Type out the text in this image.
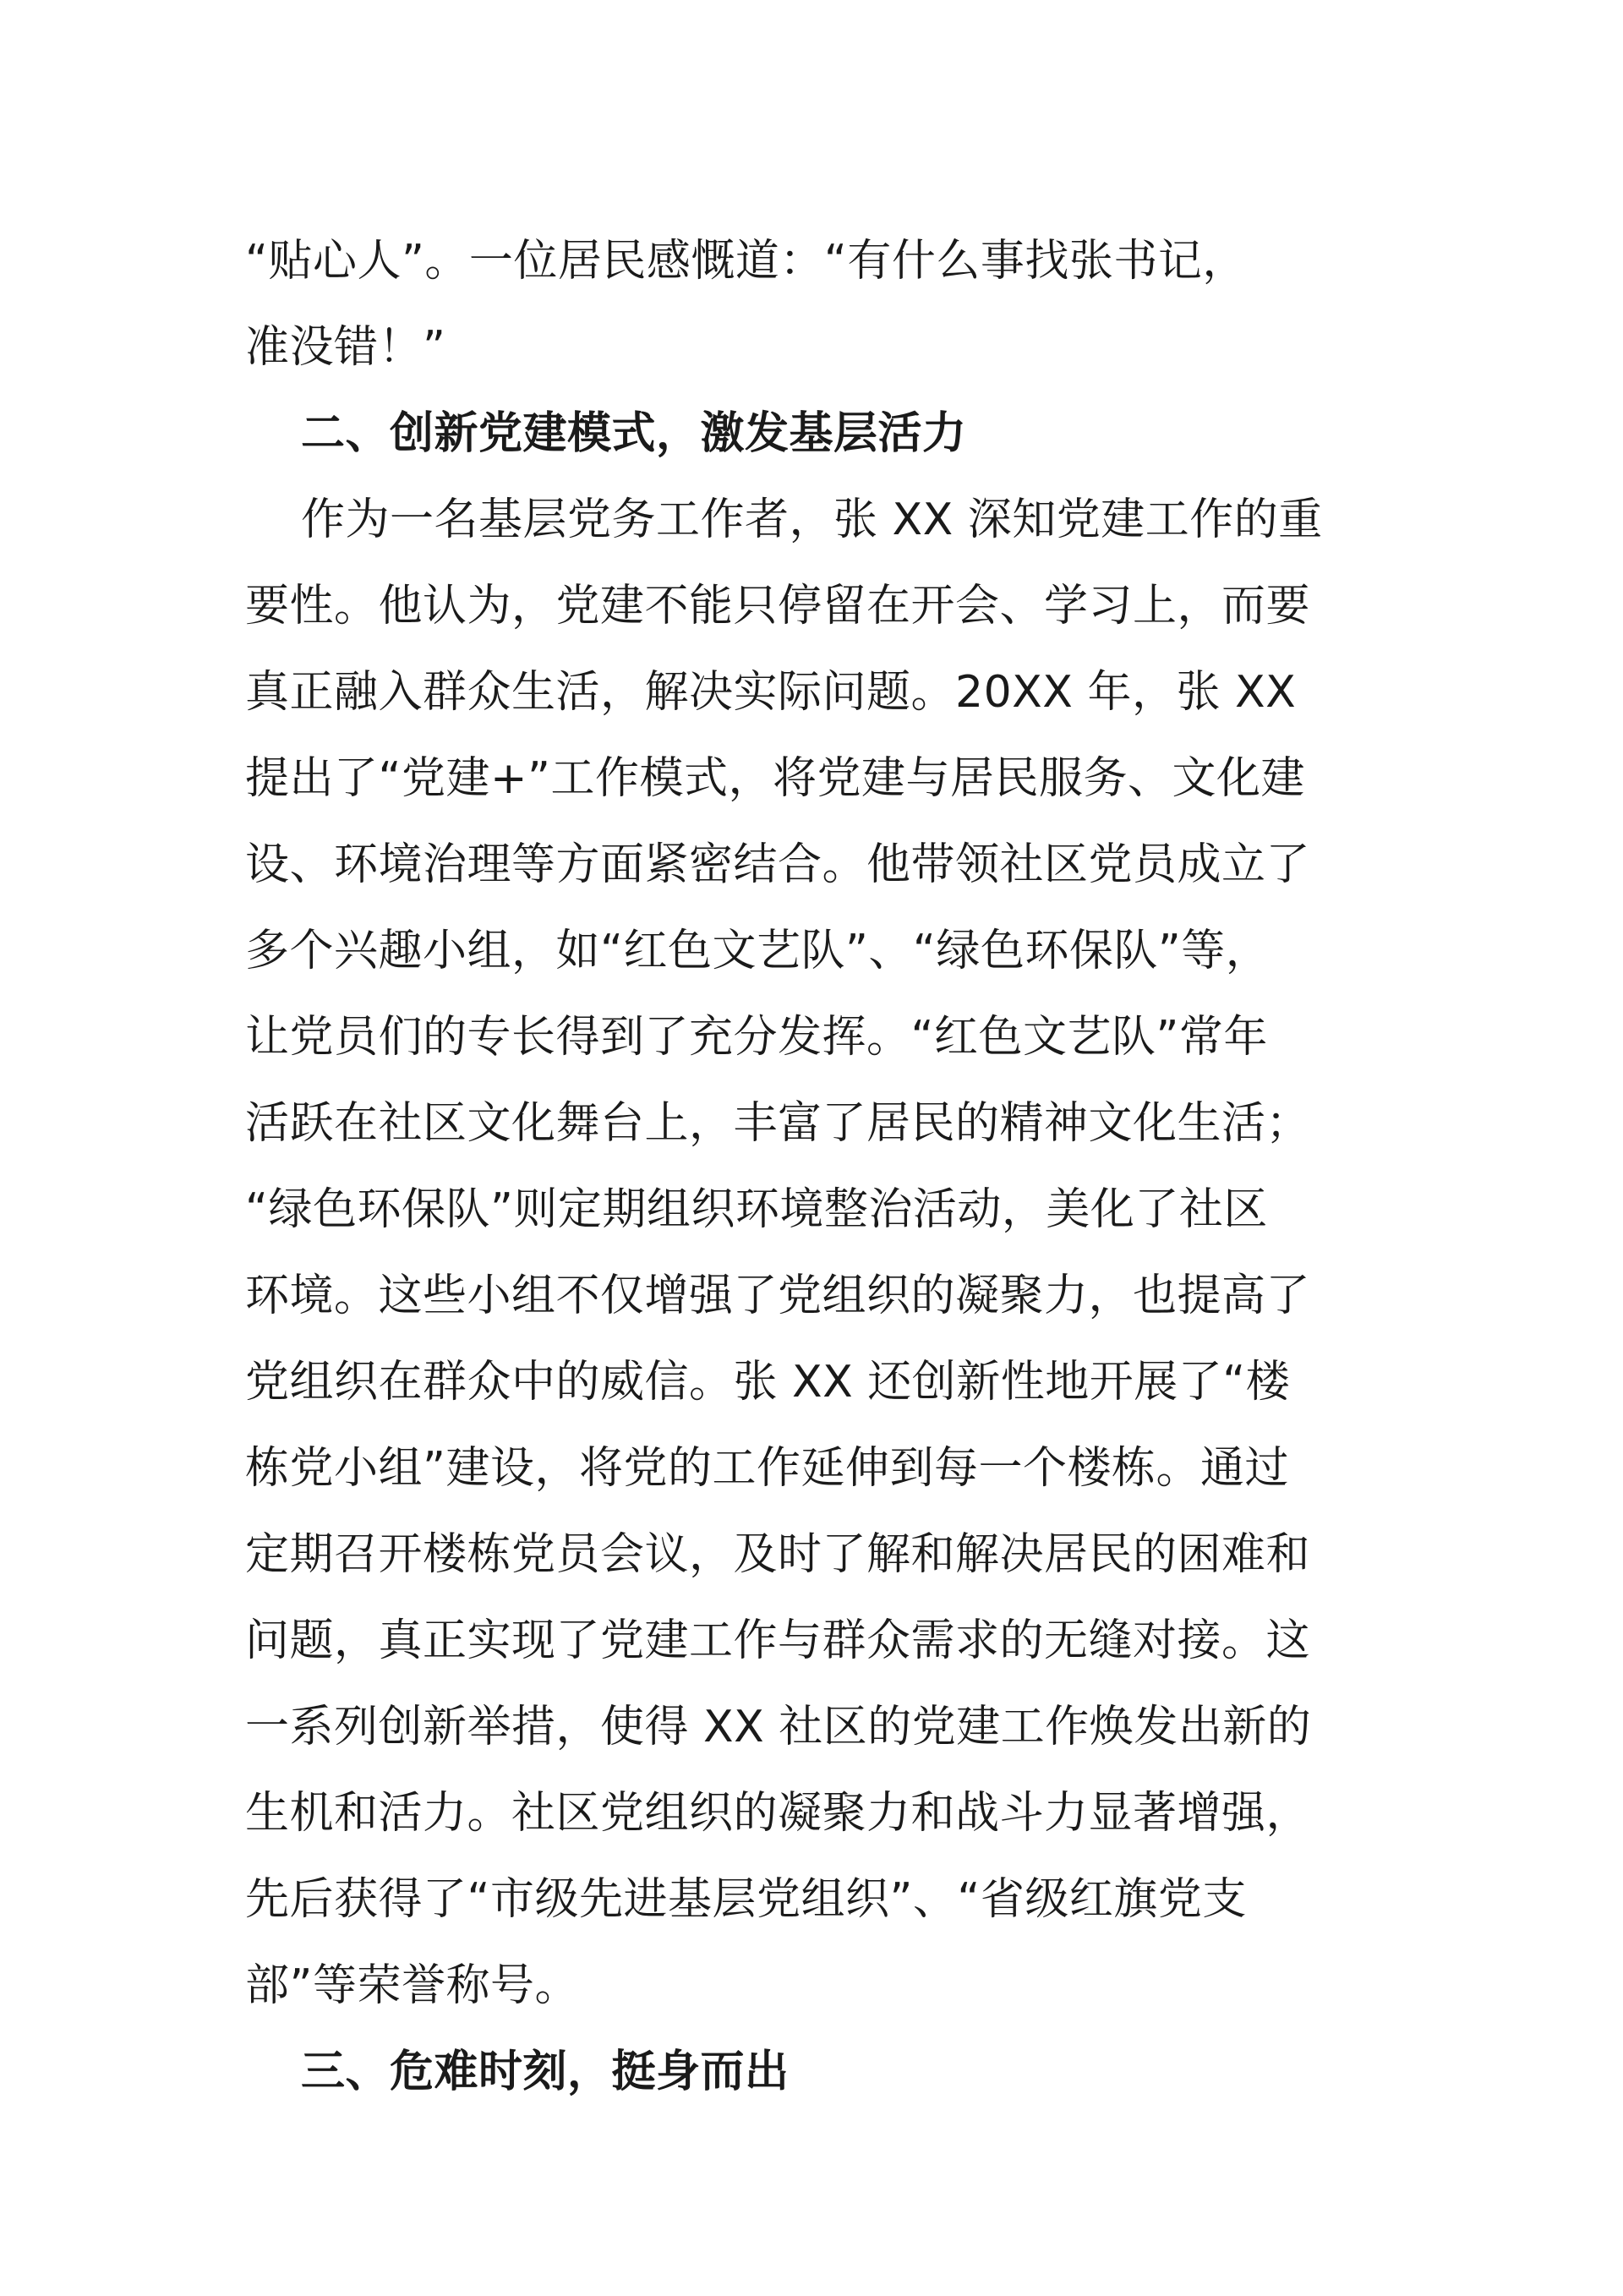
“贴心人”。一位居民感慨道：“有什么事找张书记，
准没错！”
二、创新党建模式，激发基层活力
作为一名基层党务工作者，张 XX 深知党建工作的重
要性。他认为，党建不能只停留在开会、学习上，而要
真正融入群众生活，解决实际问题。20XX 年，张 XX
提出了“党建+”工作模式，将党建与居民服务、文化建
设、环境治理等方面紧密结合。他带领社区党员成立了
多个兴趣小组，如“红色文艺队”、“绿色环保队”等，
让党员们的专长得到了充分发挥。“红色文艺队”常年
活跃在社区文化舞台上，丰富了居民的精神文化生活；
“绿色环保队”则定期组织环境整治活动，美化了社区
环境。这些小组不仅增强了党组织的凝聚力，也提高了
党组织在群众中的威信。张 XX 还创新性地开展了“楼
栋党小组”建设，将党的工作延伸到每一个楼栋。通过
定期召开楼栋党员会议，及时了解和解决居民的困难和
问题，真正实现了党建工作与群众需求的无缝对接。这
一系列创新举措，使得 XX 社区的党建工作焕发出新的
生机和活力。社区党组织的凝聚力和战斗力显著增强，
先后获得了“市级先进基层党组织”、“省级红旗党支
部”等荣誉称号。
三、危难时刻，挺身而出
